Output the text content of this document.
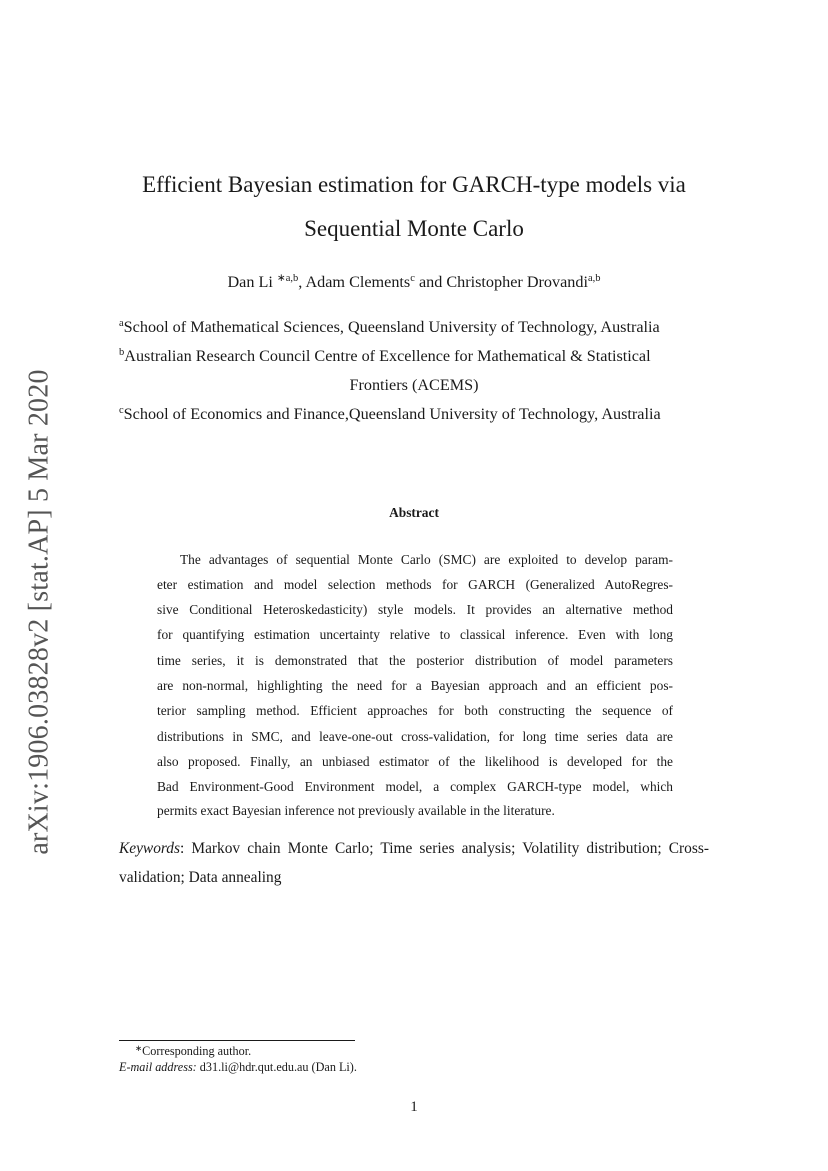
arXiv:1906.03828v2 [stat.AP] 5 Mar 2020
Efficient Bayesian estimation for GARCH-type models via
Sequential Monte Carlo
Dan Li $^{∗a,b}$, Adam Clements$^c$ and Christopher Drovandi$^{a,b}$
$^a$School of Mathematical Sciences, Queensland University of Technology, Australia
$^b$Australian Research Council Centre of Excellence for Mathematical & Statistical
Frontiers (ACEMS)
$^c$School of Economics and Finance,Queensland University of Technology, Australia
Abstract
The advantages of sequential Monte Carlo (SMC) are exploited to develop param-
eter estimation and model selection methods for GARCH (Generalized AutoRegres-
sive Conditional Heteroskedasticity) style models. It provides an alternative method
for quantifying estimation uncertainty relative to classical inference. Even with long
time series, it is demonstrated that the posterior distribution of model parameters
are non-normal, highlighting the need for a Bayesian approach and an efficient pos-
terior sampling method. Efficient approaches for both constructing the sequence of
distributions in SMC, and leave-one-out cross-validation, for long time series data are
also proposed. Finally, an unbiased estimator of the likelihood is developed for the
Bad Environment-Good Environment model, a complex GARCH-type model, which
permits exact Bayesian inference not previously available in the literature.
Keywords: Markov chain Monte Carlo; Time series analysis; Volatility distribution; Cross-
validation; Data annealing
∗Corresponding author.
E-mail address: d31.li@hdr.qut.edu.au (Dan Li).
1
